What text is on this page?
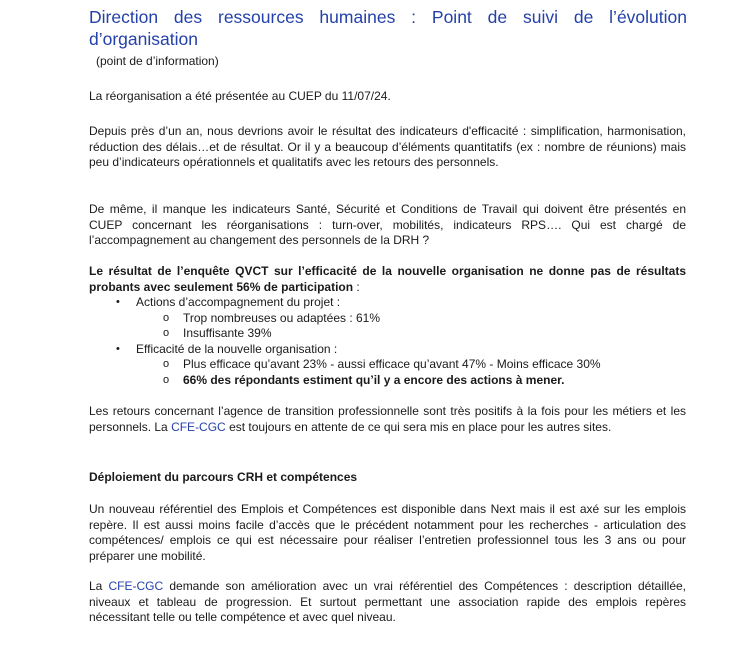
Direction des ressources humaines : Point de suivi de l’évolution d’organisation
(point de d’information)
La réorganisation a été présentée au CUEP du 11/07/24.
Depuis près d’un an, nous devrions avoir le résultat des indicateurs d'efficacité : simplification, harmonisation, réduction des délais…et de résultat. Or il y a beaucoup d’éléments quantitatifs (ex : nombre de réunions) mais peu d’indicateurs opérationnels et qualitatifs avec les retours des personnels.
De même, il manque les indicateurs Santé, Sécurité et Conditions de Travail qui doivent être présentés en CUEP concernant les réorganisations : turn-over, mobilités, indicateurs RPS…. Qui est chargé de l’accompagnement au changement des personnels de la DRH ?
Le résultat de l’enquête QVCT sur l’efficacité de la nouvelle organisation ne donne pas de résultats probants avec seulement 56% de participation :
• Actions d’accompagnement du projet :
o Trop nombreuses ou adaptées : 61%
o Insuffisante 39%
• Efficacité de la nouvelle organisation :
o Plus efficace qu’avant 23% - aussi efficace qu’avant 47% - Moins efficace 30%
o 66% des répondants estiment qu’il y a encore des actions à mener.
Les retours concernant l’agence de transition professionnelle sont très positifs à la fois pour les métiers et les personnels. La CFE-CGC est toujours en attente de ce qui sera mis en place pour les autres sites.
Déploiement du parcours CRH et compétences
Un nouveau référentiel des Emplois et Compétences est disponible dans Next mais il est axé sur les emplois repère. Il est aussi moins facile d’accès que le précédent notamment pour les recherches - articulation des compétences/ emplois ce qui est nécessaire pour réaliser l’entretien professionnel tous les 3 ans ou pour préparer une mobilité.
La CFE-CGC demande son amélioration avec un vrai référentiel des Compétences : description détaillée, niveaux et tableau de progression. Et surtout permettant une association rapide des emplois repères nécessitant telle ou telle compétence et avec quel niveau.
